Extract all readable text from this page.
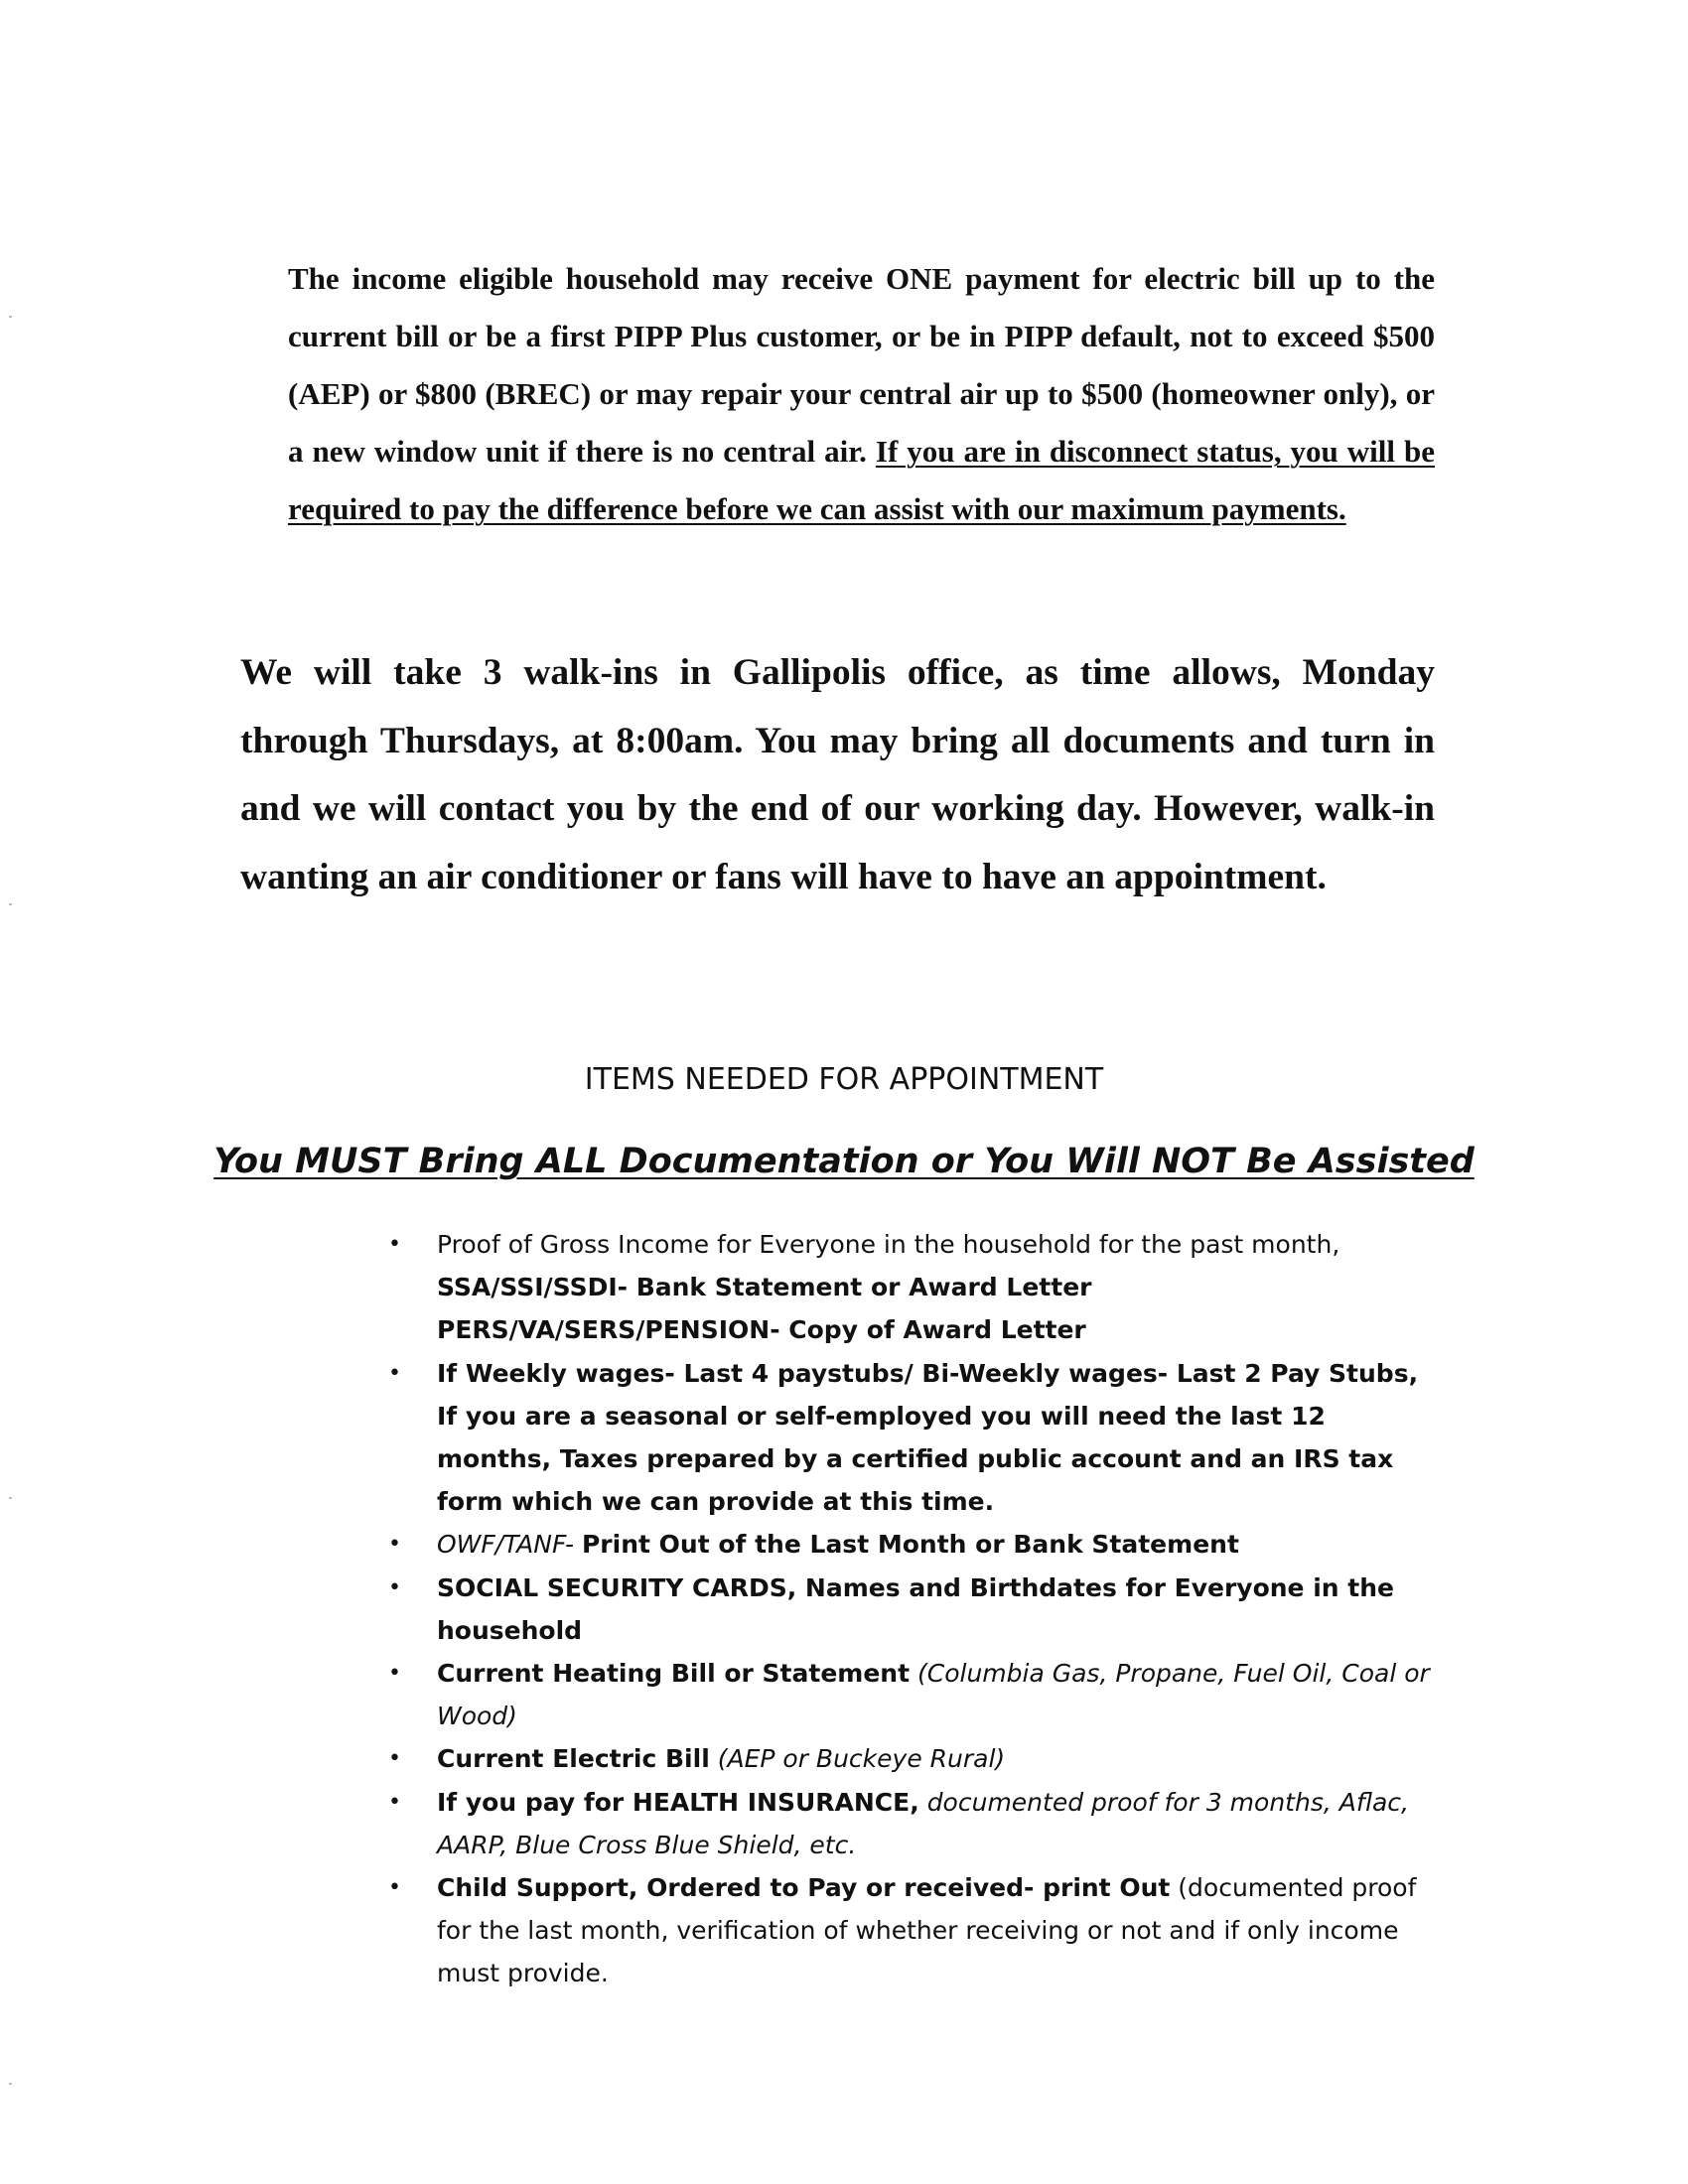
The income eligible household may receive ONE payment for electric bill up to the current bill or be a first PIPP Plus customer, or be in PIPP default, not to exceed $500 (AEP) or $800 (BREC) or may repair your central air up to $500 (homeowner only), or a new window unit if there is no central air. If you are in disconnect status, you will be required to pay the difference before we can assist with our maximum payments.

We will take 3 walk-ins in Gallipolis office, as time allows, Monday through Thursdays, at 8:00am. You may bring all documents and turn in and we will contact you by the end of our working day. However, walk-in wanting an air conditioner or fans will have to have an appointment.

ITEMS NEEDED FOR APPOINTMENT
You MUST Bring ALL Documentation or You Will NOT Be Assisted
• Proof of Gross Income for Everyone in the household for the past month,
SSA/SSI/SSDI- Bank Statement or Award LetterPERS/VA/SERS/PENSION- Copy of Award Letter
• If Weekly wages- Last 4 paystubs/ Bi-Weekly wages- Last 2 Pay Stubs, If you are a seasonal or self-employed you will need the last 12 months, Taxes prepared by a certified public account and an IRS tax form which we can provide at this time.
• OWF/TANF- Print Out of the Last Month or Bank Statement
• SOCIAL SECURITY CARDS, Names and Birthdates for Everyone in the household
• Current Heating Bill or Statement (Columbia Gas, Propane, Fuel Oil, Coal or Wood)
• Current Electric Bill (AEP or Buckeye Rural)
• If you pay for HEALTH INSURANCE, documented proof for 3 months, Aflac, AARP, Blue Cross Blue Shield, etc.
• Child Support, Ordered to Pay or received- print Out (documented proof for the last month, verification of whether receiving or not and if only income must provide.
